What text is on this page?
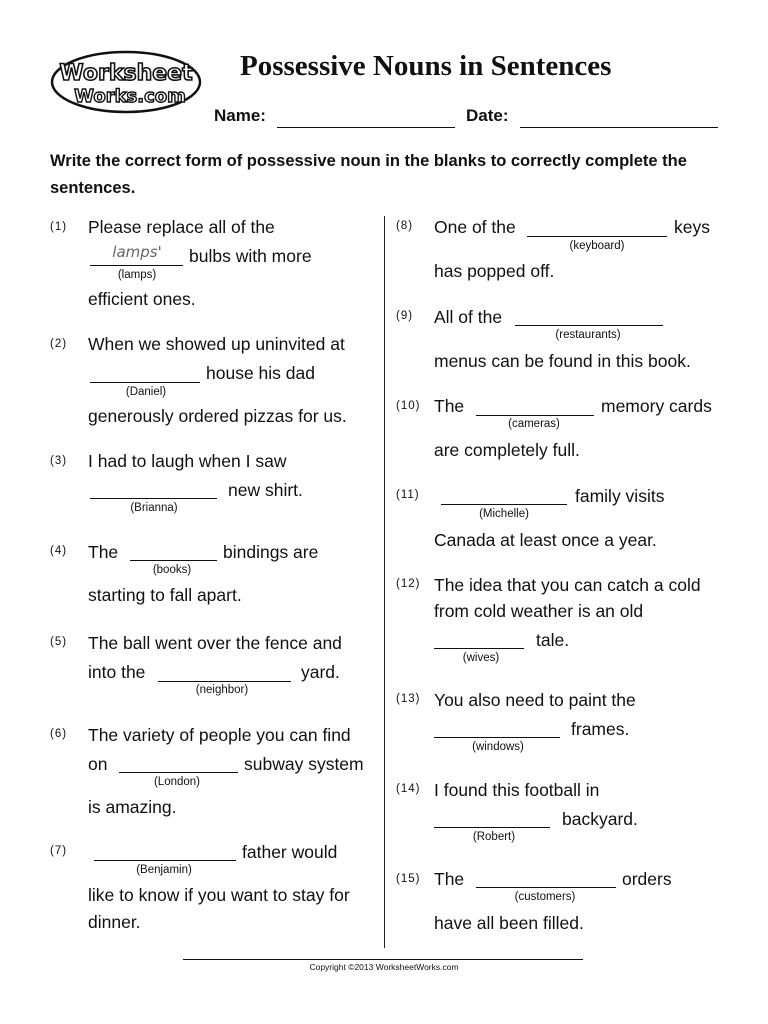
Worksheet
Works.com
Possessive Nouns in Sentences
Name:	Date:
Write the correct form of possessive noun in the blanks to correctly complete the sentences.
(1) Please replace all of the
lamps'
(lamps)
bulbs with more
efficient ones.
(2) When we showed up uninvited at
(Daniel)
house his dad
generously ordered pizzas for us.
(3) I had to laugh when I saw
(Brianna)
new shirt.
(4) The
(books)
bindings are
starting to fall apart.
(5) The ball went over the fence and
into the
(neighbor)
yard.
(6) The variety of people you can find
on
(London)
subway system
is amazing.
(7)
(Benjamin)
father would
like to know if you want to stay for
dinner.
(8) One of the
(keyboard)
keys
has popped off.
(9) All of the
(restaurants)
menus can be found in this book.
(10) The
(cameras)
memory cards
are completely full.
(11)
(Michelle)
family visits
Canada at least once a year.
(12) The idea that you can catch a cold
from cold weather is an old
(wives)
tale.
(13) You also need to paint the
(windows)
frames.
(14) I found this football in
(Robert)
backyard.
(15) The
(customers)
orders
have all been filled.
Copyright ©2013 WorksheetWorks.com
